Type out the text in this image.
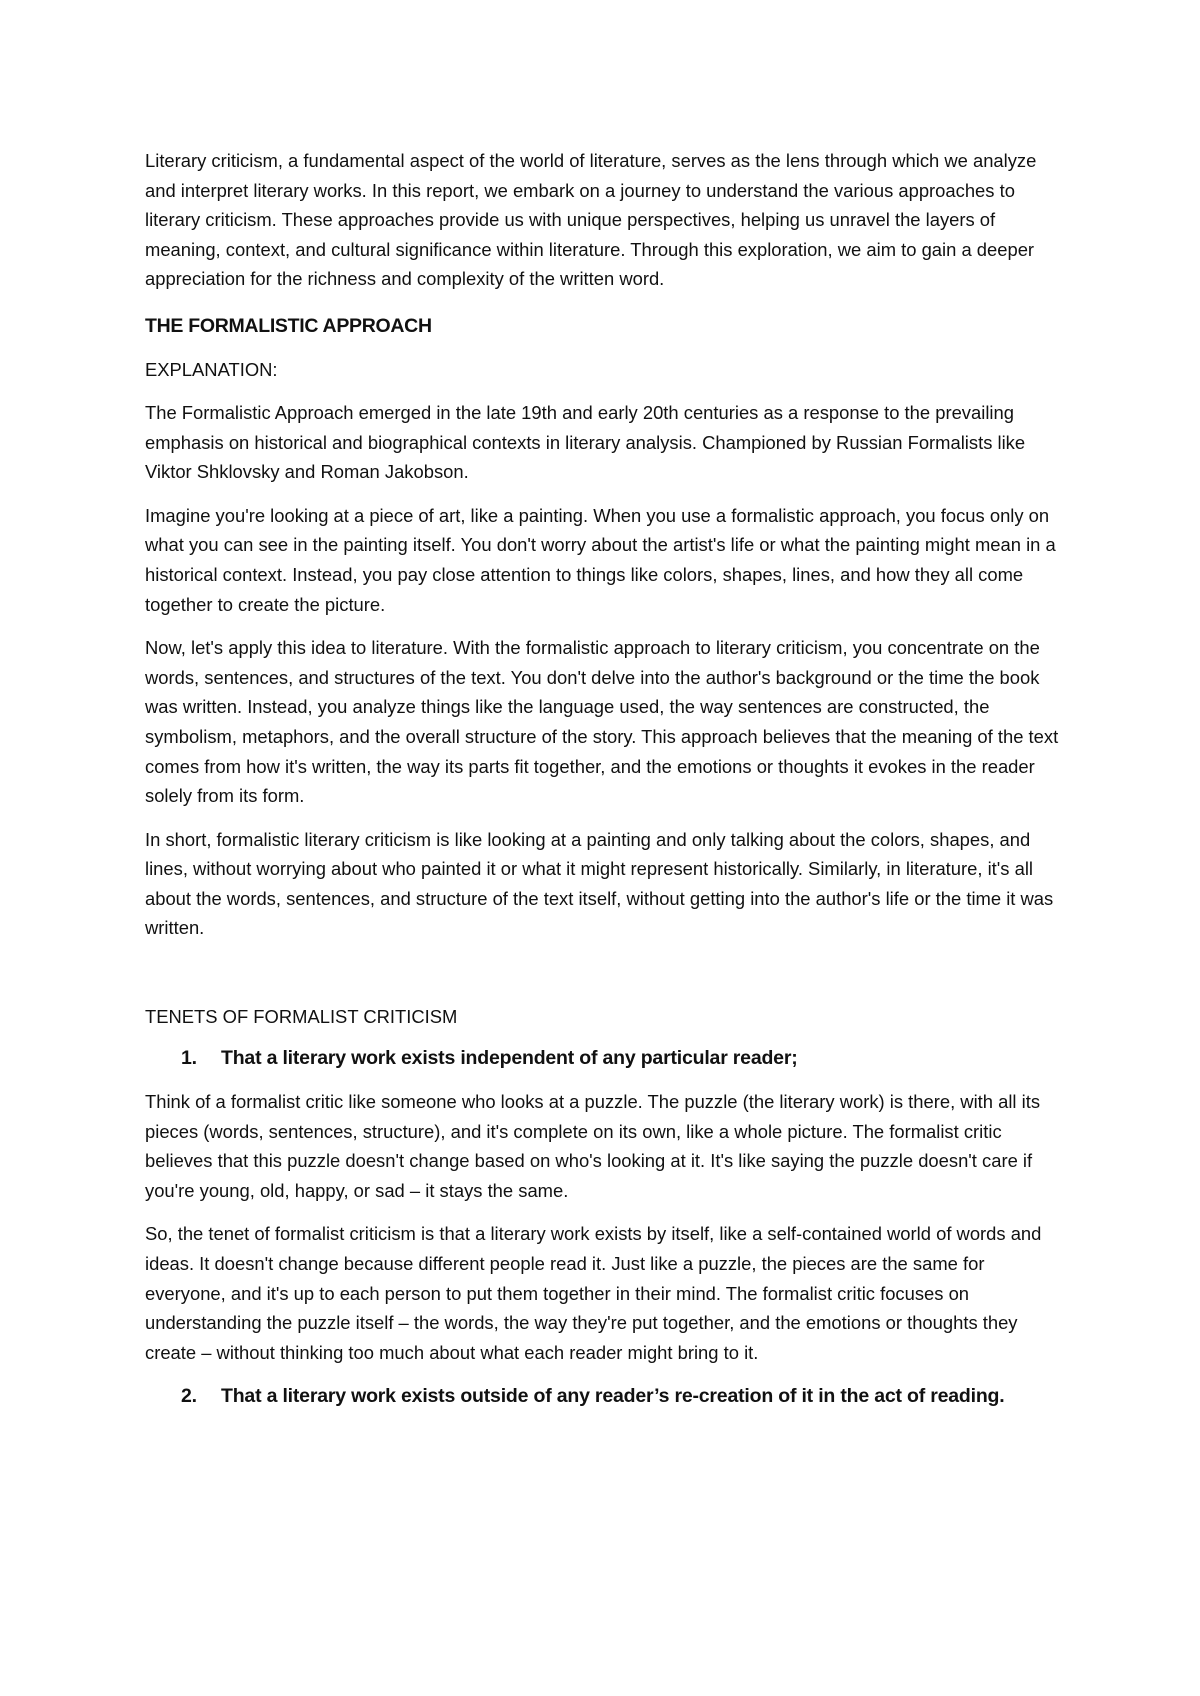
Literary criticism, a fundamental aspect of the world of literature, serves as the lens through which we analyze and interpret literary works. In this report, we embark on a journey to understand the various approaches to literary criticism. These approaches provide us with unique perspectives, helping us unravel the layers of meaning, context, and cultural significance within literature. Through this exploration, we aim to gain a deeper appreciation for the richness and complexity of the written word.

THE FORMALISTIC APPROACH
EXPLANATION:

The Formalistic Approach emerged in the late 19th and early 20th centuries as a response to the prevailing emphasis on historical and biographical contexts in literary analysis. Championed by Russian Formalists like Viktor Shklovsky and Roman Jakobson.

Imagine you're looking at a piece of art, like a painting. When you use a formalistic approach, you focus only on what you can see in the painting itself. You don't worry about the artist's life or what the painting might mean in a historical context. Instead, you pay close attention to things like colors, shapes, lines, and how they all come together to create the picture.

Now, let's apply this idea to literature. With the formalistic approach to literary criticism, you concentrate on the words, sentences, and structures of the text. You don't delve into the author's background or the time the book was written. Instead, you analyze things like the language used, the way sentences are constructed, the symbolism, metaphors, and the overall structure of the story. This approach believes that the meaning of the text comes from how it's written, the way its parts fit together, and the emotions or thoughts it evokes in the reader solely from its form.

In short, formalistic literary criticism is like looking at a painting and only talking about the colors, shapes, and lines, without worrying about who painted it or what it might represent historically. Similarly, in literature, it's all about the words, sentences, and structure of the text itself, without getting into the author's life or the time it was written.

TENETS OF FORMALIST CRITICISM
1.	That a literary work exists independent of any particular reader;

Think of a formalist critic like someone who looks at a puzzle. The puzzle (the literary work) is there, with all its pieces (words, sentences, structure), and it's complete on its own, like a whole picture. The formalist critic believes that this puzzle doesn't change based on who's looking at it. It's like saying the puzzle doesn't care if you're young, old, happy, or sad – it stays the same.

So, the tenet of formalist criticism is that a literary work exists by itself, like a self-contained world of words and ideas. It doesn't change because different people read it. Just like a puzzle, the pieces are the same for everyone, and it's up to each person to put them together in their mind. The formalist critic focuses on understanding the puzzle itself – the words, the way they're put together, and the emotions or thoughts they create – without thinking too much about what each reader might bring to it.

2.	That a literary work exists outside of any reader’s re-creation of it in the act of reading.
